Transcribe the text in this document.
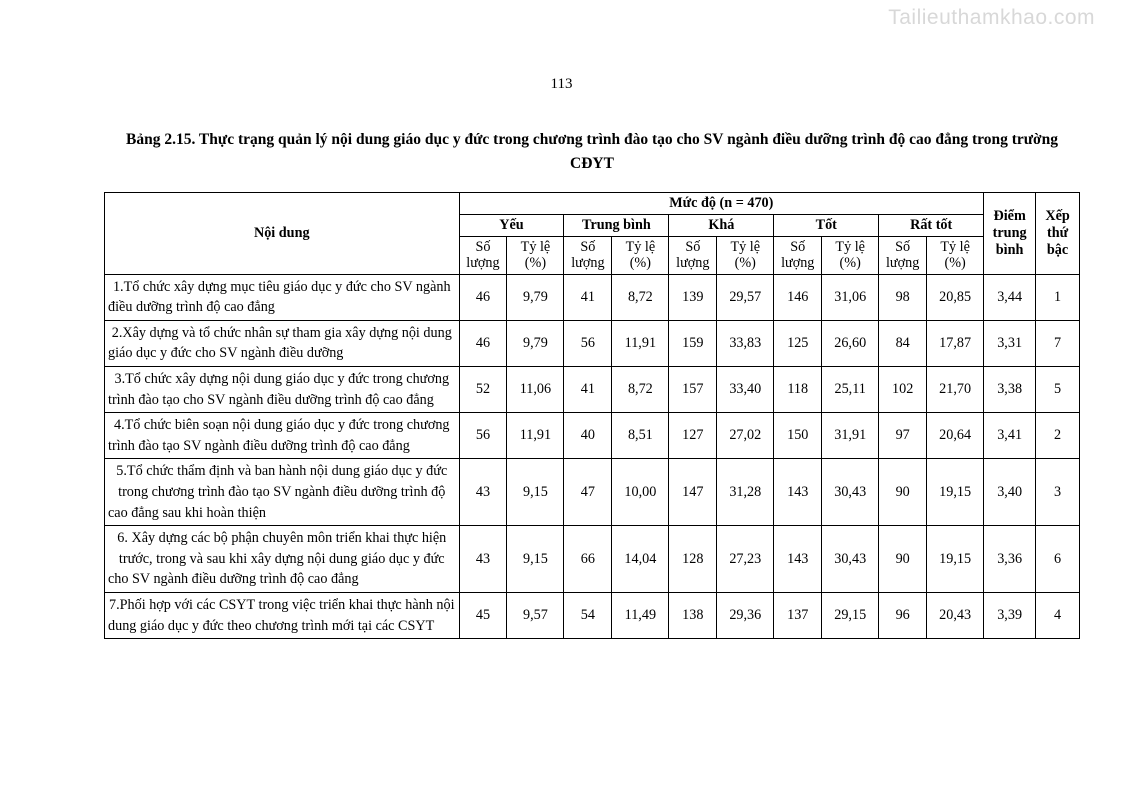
Tailieuthamkhao.com
113
Bảng 2.15. Thực trạng quản lý nội dung giáo dục y đức trong chương trình đào tạo cho SV ngành điều dưỡng trình độ cao đẳng trong trường CĐYT
Nội dung	Mức độ (n = 470)										Điểm trung bình	Xếp thứ bậc
	Yếu		Trung bình		Khá		Tốt		Rất tốt			
	Số lượng	Tỷ lệ (%)	Số lượng	Tỷ lệ (%)	Số lượng	Tỷ lệ (%)	Số lượng	Tỷ lệ (%)	Số lượng	Tỷ lệ (%)		
1.Tổ chức xây dựng mục tiêu giáo dục y đức cho SV ngành điều dưỡng trình độ cao đẳng	46	9,79	41	8,72	139	29,57	146	31,06	98	20,85	3,44	1
2.Xây dựng và tổ chức nhân sự tham gia xây dựng nội dung giáo dục y đức cho SV ngành điều dưỡng	46	9,79	56	11,91	159	33,83	125	26,60	84	17,87	3,31	7
3.Tổ chức xây dựng nội dung giáo dục y đức trong chương trình đào tạo cho SV ngành điều dưỡng trình độ cao đẳng	52	11,06	41	8,72	157	33,40	118	25,11	102	21,70	3,38	5
4.Tổ chức biên soạn nội dung giáo dục y đức trong chương trình đào tạo SV ngành điều dưỡng trình độ cao đẳng	56	11,91	40	8,51	127	27,02	150	31,91	97	20,64	3,41	2
5.Tổ chức thẩm định và ban hành nội dung giáo dục y đức trong chương trình đào tạo SV ngành điều dưỡng trình độ cao đẳng sau khi hoàn thiện	43	9,15	47	10,00	147	31,28	143	30,43	90	19,15	3,40	3
6. Xây dựng các bộ phận chuyên môn triển khai thực hiện trước, trong và sau khi xây dựng nội dung giáo dục y đức cho SV ngành điều dưỡng trình độ cao đẳng	43	9,15	66	14,04	128	27,23	143	30,43	90	19,15	3,36	6
7.Phối hợp với các CSYT trong việc triển khai thực hành nội dung giáo dục y đức theo chương trình mới tại các CSYT	45	9,57	54	11,49	138	29,36	137	29,15	96	20,43	3,39	4
